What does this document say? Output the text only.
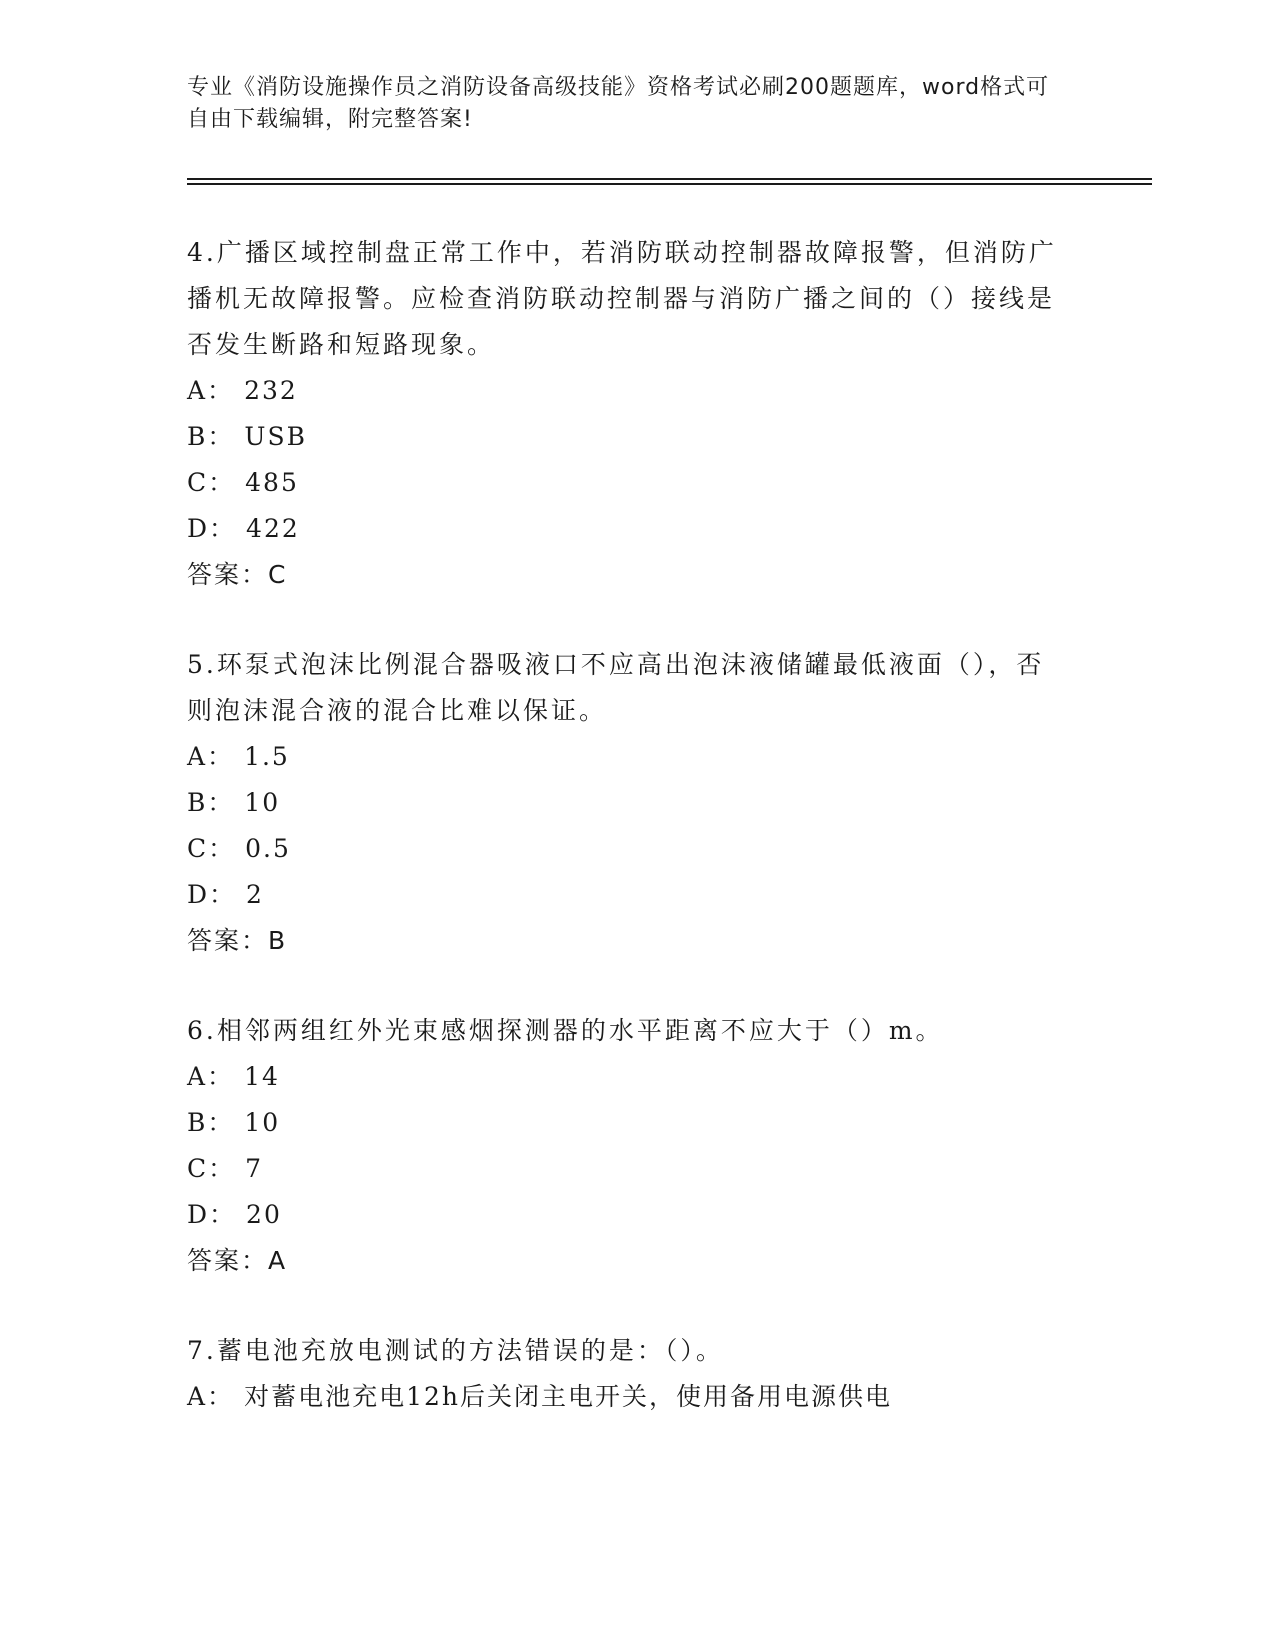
专业《消防设施操作员之消防设备高级技能》资格考试必刷200题题库，word格式可自由下载编辑，附完整答案!

4.广播区域控制盘正常工作中，若消防联动控制器故障报警，但消防广播机无故障报警。应检查消防联动控制器与消防广播之间的（）接线是否发生断路和短路现象。

A： 232
B： USB
C： 485
D： 422
答案：C

5.环泵式泡沫比例混合器吸液口不应高出泡沫液储罐最低液面（），否则泡沫混合液的混合比难以保证。

A： 1.5
B： 10
C： 0.5
D： 2
答案：B

6.相邻两组红外光束感烟探测器的水平距离不应大于（）m。

A： 14
B： 10
C： 7
D： 20
答案：A

7.蓄电池充放电测试的方法错误的是：（）。

A： 对蓄电池充电12h后关闭主电开关，使用备用电源供电
